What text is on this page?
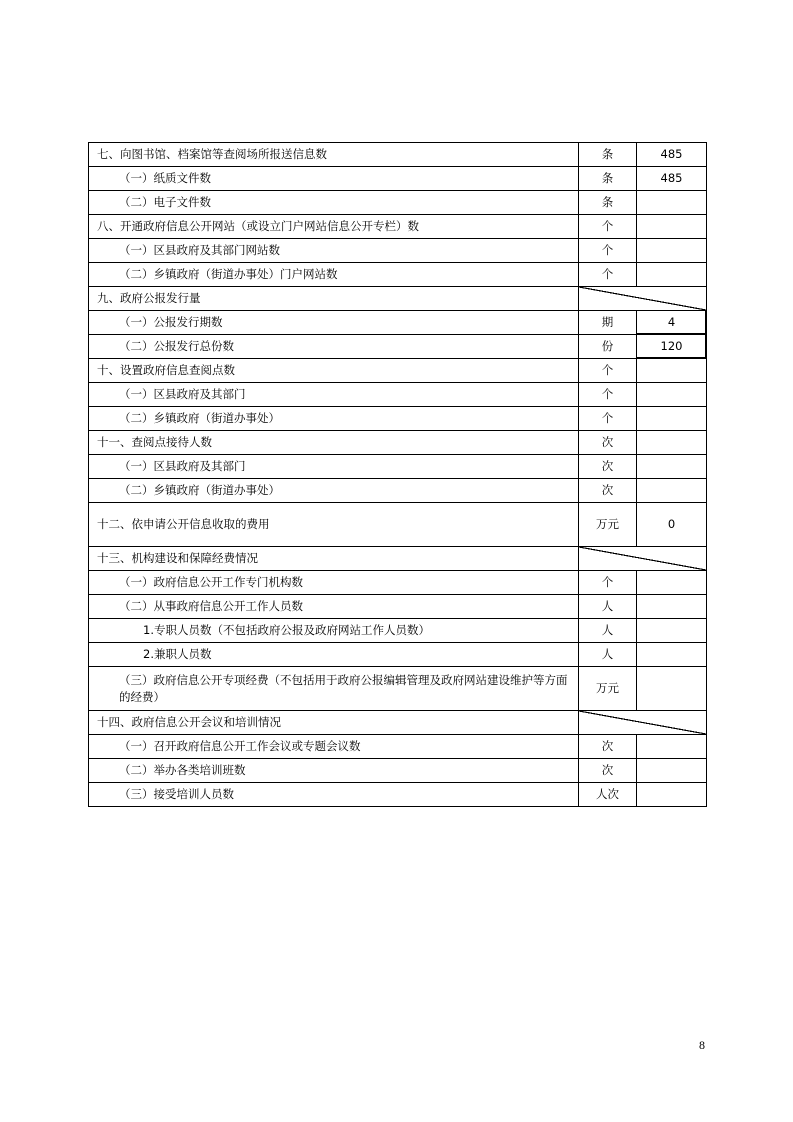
七、向图书馆、档案馆等查阅场所报送信息数	条	485

（一）纸质文件数	条	485

（二）电子文件数	条	

八、开通政府信息公开网站（或设立门户网站信息公开专栏）数	个	

（一）区县政府及其部门网站数	个	

（二）乡镇政府（街道办事处）门户网站数	个	

九、政府公报发行量		

（一）公报发行期数	期	4

（二）公报发行总份数	份	120

十、设置政府信息查阅点数	个	

（一）区县政府及其部门	个	

（二）乡镇政府（街道办事处）	个	

十一、查阅点接待人数	次	

（一）区县政府及其部门	次	

（二）乡镇政府（街道办事处）	次	

十二、依申请公开信息收取的费用	万元	0

十三、机构建设和保障经费情况		

（一）政府信息公开工作专门机构数	个	

（二）从事政府信息公开工作人员数	人	

1.专职人员数（不包括政府公报及政府网站工作人员数）	人	

2.兼职人员数	人	

（三）政府信息公开专项经费（不包括用于政府公报编辑管理及政府网站建设维护等方面的经费）	万元	

十四、政府信息公开会议和培训情况		

（一）召开政府信息公开工作会议或专题会议数	次	

（二）举办各类培训班数	次	

（三）接受培训人员数	人次	
8
